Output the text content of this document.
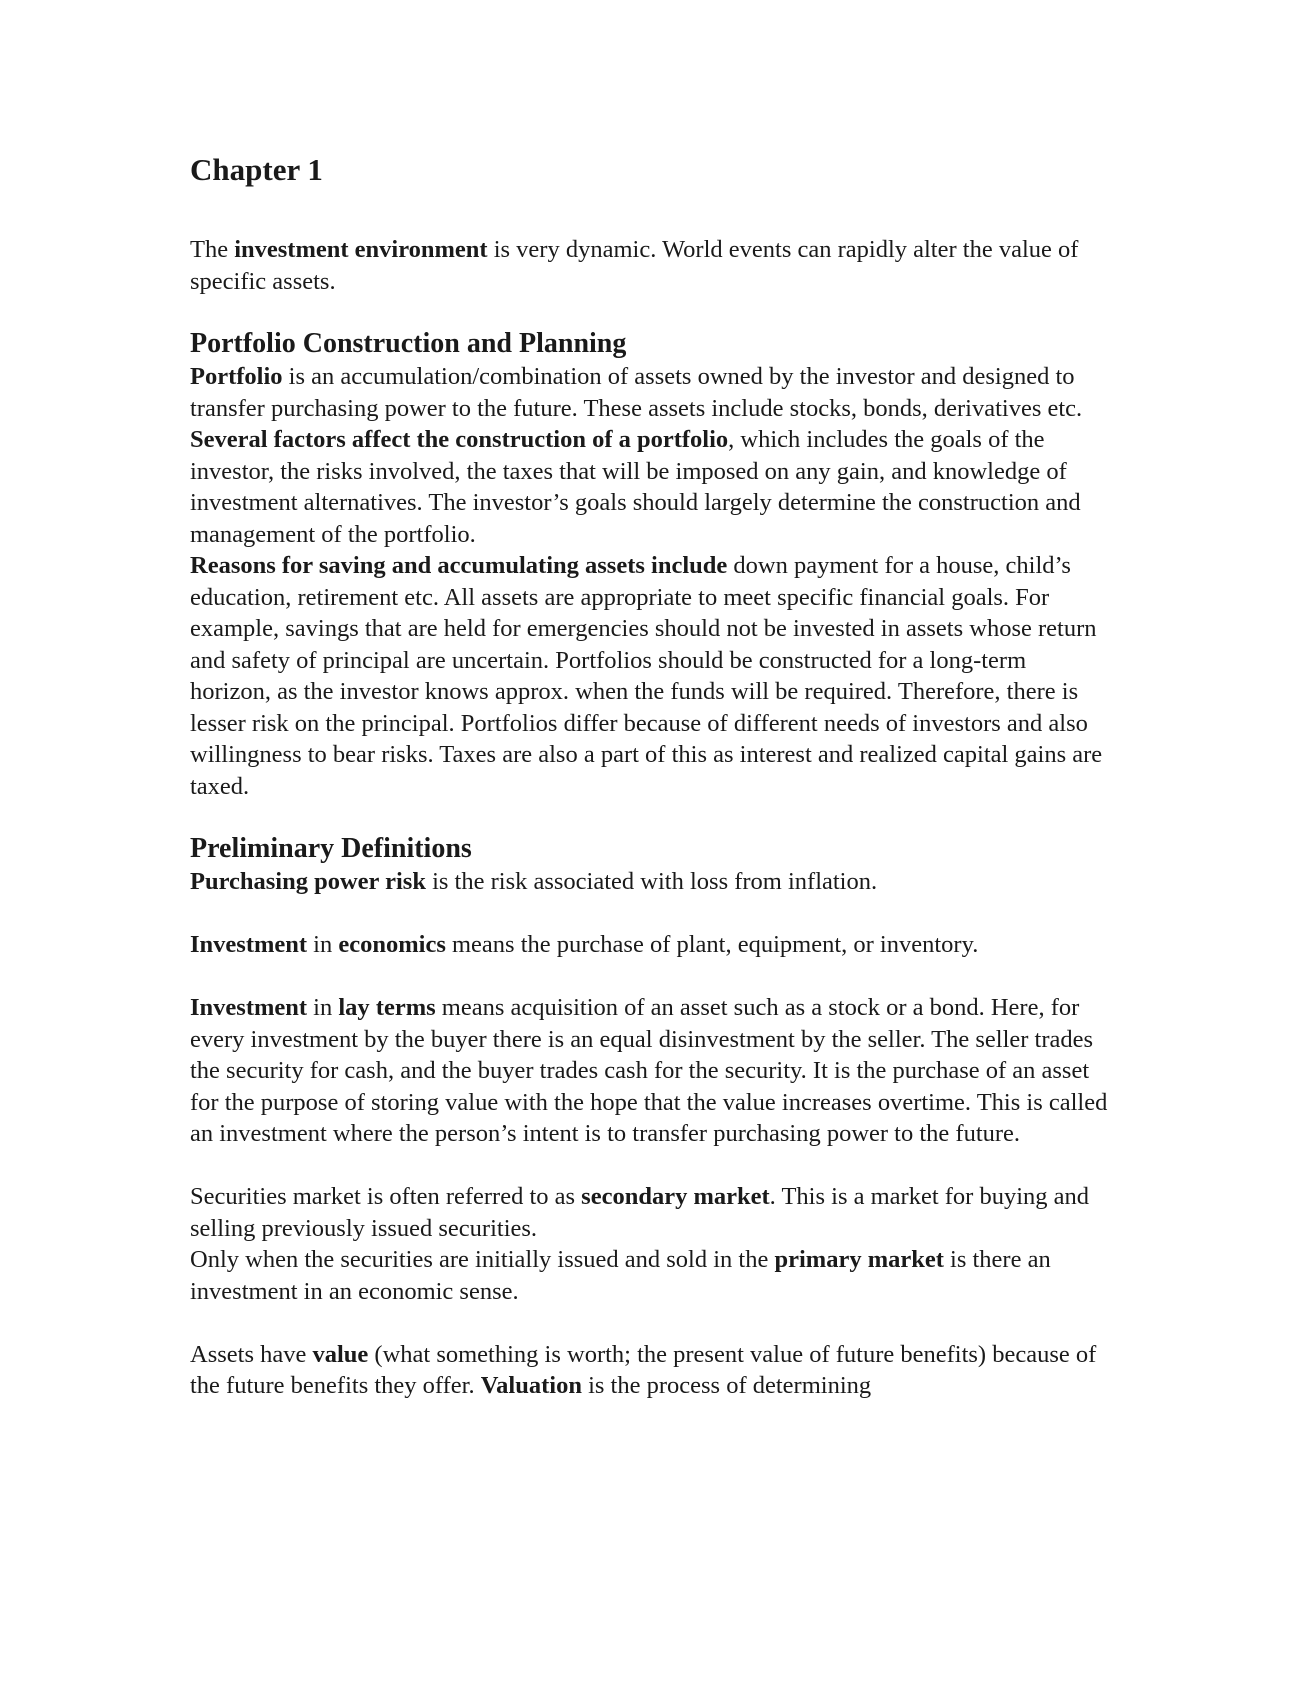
Chapter 1

The investment environment is very dynamic. World events can rapidly alter the value of specific assets.

Portfolio Construction and Planning

Portfolio is an accumulation/combination of assets owned by the investor and designed to transfer purchasing power to the future. These assets include stocks, bonds, derivatives etc.

Several factors affect the construction of a portfolio, which includes the goals of the investor, the risks involved, the taxes that will be imposed on any gain, and knowledge of investment alternatives. The investor’s goals should largely determine the construction and management of the portfolio.

Reasons for saving and accumulating assets include down payment for a house, child’s education, retirement etc. All assets are appropriate to meet specific financial goals. For example, savings that are held for emergencies should not be invested in assets whose return and safety of principal are uncertain. Portfolios should be constructed for a long-term horizon, as the investor knows approx. when the funds will be required. Therefore, there is lesser risk on the principal. Portfolios differ because of different needs of investors and also willingness to bear risks. Taxes are also a part of this as interest and realized capital gains are taxed.

Preliminary Definitions

Purchasing power risk is the risk associated with loss from inflation.

Investment in economics means the purchase of plant, equipment, or inventory.

Investment in lay terms means acquisition of an asset such as a stock or a bond. Here, for every investment by the buyer there is an equal disinvestment by the seller. The seller trades the security for cash, and the buyer trades cash for the security. It is the purchase of an asset for the purpose of storing value with the hope that the value increases overtime. This is called an investment where the person’s intent is to transfer purchasing power to the future.

Securities market is often referred to as secondary market. This is a market for buying and selling previously issued securities.

Only when the securities are initially issued and sold in the primary market is there an investment in an economic sense.

Assets have value (what something is worth; the present value of future benefits) because of the future benefits they offer. Valuation is the process of determining
